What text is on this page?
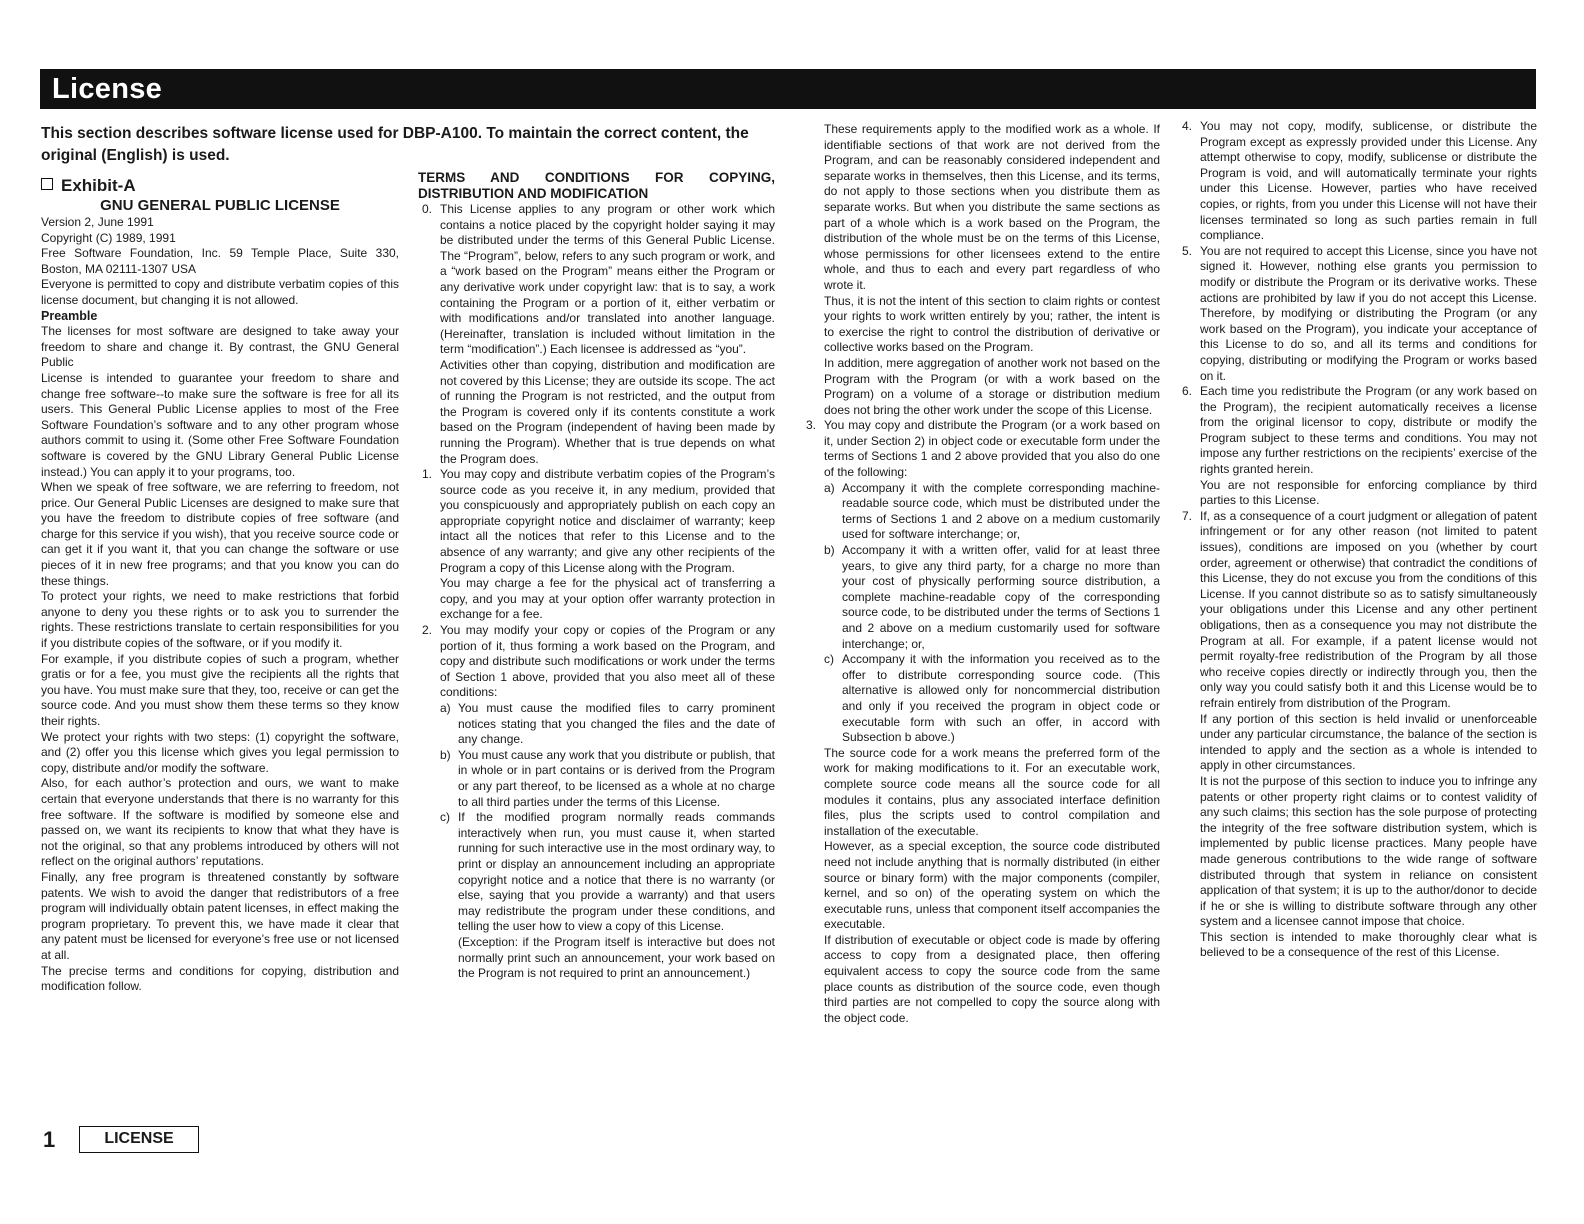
License

This section describes software license used for DBP-A100. To maintain the correct content, the original (English) is used.

Exhibit-A

GNU GENERAL PUBLIC LICENSE

Version 2, June 1991

Copyright (C) 1989, 1991

Free Software Foundation, Inc. 59 Temple Place, Suite 330, Boston, MA 02111-1307 USA

Everyone is permitted to copy and distribute verbatim copies of this license document, but changing it is not allowed.

Preamble

The licenses for most software are designed to take away your freedom to share and change it. By contrast, the GNU General Public

License is intended to guarantee your freedom to share and change free software--to make sure the software is free for all its users. This General Public License applies to most of the Free Software Foundation’s software and to any other program whose authors commit to using it. (Some other Free Software Foundation software is covered by the GNU Library General Public License instead.) You can apply it to your programs, too.

When we speak of free software, we are referring to freedom, not price. Our General Public Licenses are designed to make sure that you have the freedom to distribute copies of free software (and charge for this service if you wish), that you receive source code or can get it if you want it, that you can change the software or use pieces of it in new free programs; and that you know you can do these things.

To protect your rights, we need to make restrictions that forbid anyone to deny you these rights or to ask you to surrender the rights. These restrictions translate to certain responsibilities for you if you distribute copies of the software, or if you modify it.

For example, if you distribute copies of such a program, whether gratis or for a fee, you must give the recipients all the rights that you have. You must make sure that they, too, receive or can get the source code. And you must show them these terms so they know their rights.

We protect your rights with two steps: (1) copyright the software, and (2) offer you this license which gives you legal permission to copy, distribute and/or modify the software.

Also, for each author’s protection and ours, we want to make certain that everyone understands that there is no warranty for this free software. If the software is modified by someone else and passed on, we want its recipients to know that what they have is not the original, so that any problems introduced by others will not reflect on the original authors’ reputations.

Finally, any free program is threatened constantly by software patents. We wish to avoid the danger that redistributors of a free program will individually obtain patent licenses, in effect making the program proprietary. To prevent this, we have made it clear that any patent must be licensed for everyone’s free use or not licensed at all.

The precise terms and conditions for copying, distribution and modification follow.

TERMS AND CONDITIONS FOR COPYING, DISTRIBUTION AND MODIFICATION

0. This License applies to any program or other work which contains a notice placed by the copyright holder saying it may be distributed under the terms of this General Public License. The “Program”, below, refers to any such program or work, and a “work based on the Program” means either the Program or any derivative work under copyright law: that is to say, a work containing the Program or a portion of it, either verbatim or with modifications and/or translated into another language. (Hereinafter, translation is included without limitation in the term “modification”.) Each licensee is addressed as “you”.

Activities other than copying, distribution and modification are not covered by this License; they are outside its scope. The act of running the Program is not restricted, and the output from the Program is covered only if its contents constitute a work based on the Program (independent of having been made by running the Program). Whether that is true depends on what the Program does.

1. You may copy and distribute verbatim copies of the Program’s source code as you receive it, in any medium, provided that you conspicuously and appropriately publish on each copy an appropriate copyright notice and disclaimer of warranty; keep intact all the notices that refer to this License and to the absence of any warranty; and give any other recipients of the Program a copy of this License along with the Program.

You may charge a fee for the physical act of transferring a copy, and you may at your option offer warranty protection in exchange for a fee.

2. You may modify your copy or copies of the Program or any portion of it, thus forming a work based on the Program, and copy and distribute such modifications or work under the terms of Section 1 above, provided that you also meet all of these conditions:

a) You must cause the modified files to carry prominent notices stating that you changed the files and the date of any change.

b) You must cause any work that you distribute or publish, that in whole or in part contains or is derived from the Program or any part thereof, to be licensed as a whole at no charge to all third parties under the terms of this License.

c) If the modified program normally reads commands interactively when run, you must cause it, when started running for such interactive use in the most ordinary way, to print or display an announcement including an appropriate copyright notice and a notice that there is no warranty (or else, saying that you provide a warranty) and that users may redistribute the program under these conditions, and telling the user how to view a copy of this License.

(Exception: if the Program itself is interactive but does not normally print such an announcement, your work based on the Program is not required to print an announcement.)

These requirements apply to the modified work as a whole. If identifiable sections of that work are not derived from the Program, and can be reasonably considered independent and separate works in themselves, then this License, and its terms, do not apply to those sections when you distribute them as separate works. But when you distribute the same sections as part of a whole which is a work based on the Program, the distribution of the whole must be on the terms of this License, whose permissions for other licensees extend to the entire whole, and thus to each and every part regardless of who wrote it.

Thus, it is not the intent of this section to claim rights or contest your rights to work written entirely by you; rather, the intent is to exercise the right to control the distribution of derivative or collective works based on the Program.

In addition, mere aggregation of another work not based on the Program with the Program (or with a work based on the Program) on a volume of a storage or distribution medium does not bring the other work under the scope of this License.

3. You may copy and distribute the Program (or a work based on it, under Section 2) in object code or executable form under the terms of Sections 1 and 2 above provided that you also do one of the following:

a) Accompany it with the complete corresponding machine-readable source code, which must be distributed under the terms of Sections 1 and 2 above on a medium customarily used for software interchange; or,

b) Accompany it with a written offer, valid for at least three years, to give any third party, for a charge no more than your cost of physically performing source distribution, a complete machine-readable copy of the corresponding source code, to be distributed under the terms of Sections 1 and 2 above on a medium customarily used for software interchange; or,

c) Accompany it with the information you received as to the offer to distribute corresponding source code. (This alternative is allowed only for noncommercial distribution and only if you received the program in object code or executable form with such an offer, in accord with Subsection b above.)

The source code for a work means the preferred form of the work for making modifications to it. For an executable work, complete source code means all the source code for all modules it contains, plus any associated interface definition files, plus the scripts used to control compilation and installation of the executable.

However, as a special exception, the source code distributed need not include anything that is normally distributed (in either source or binary form) with the major components (compiler, kernel, and so on) of the operating system on which the executable runs, unless that component itself accompanies the executable.

If distribution of executable or object code is made by offering access to copy from a designated place, then offering equivalent access to copy the source code from the same place counts as distribution of the source code, even though third parties are not compelled to copy the source along with the object code.

4. You may not copy, modify, sublicense, or distribute the Program except as expressly provided under this License. Any attempt otherwise to copy, modify, sublicense or distribute the Program is void, and will automatically terminate your rights under this License. However, parties who have received copies, or rights, from you under this License will not have their licenses terminated so long as such parties remain in full compliance.

5. You are not required to accept this License, since you have not signed it. However, nothing else grants you permission to modify or distribute the Program or its derivative works. These actions are prohibited by law if you do not accept this License. Therefore, by modifying or distributing the Program (or any work based on the Program), you indicate your acceptance of this License to do so, and all its terms and conditions for copying, distributing or modifying the Program or works based on it.

6. Each time you redistribute the Program (or any work based on the Program), the recipient automatically receives a license from the original licensor to copy, distribute or modify the Program subject to these terms and conditions. You may not impose any further restrictions on the recipients’ exercise of the rights granted herein.

You are not responsible for enforcing compliance by third parties to this License.

7. If, as a consequence of a court judgment or allegation of patent infringement or for any other reason (not limited to patent issues), conditions are imposed on you (whether by court order, agreement or otherwise) that contradict the conditions of this License, they do not excuse you from the conditions of this License. If you cannot distribute so as to satisfy simultaneously your obligations under this License and any other pertinent obligations, then as a consequence you may not distribute the Program at all. For example, if a patent license would not permit royalty-free redistribution of the Program by all those who receive copies directly or indirectly through you, then the only way you could satisfy both it and this License would be to refrain entirely from distribution of the Program.

If any portion of this section is held invalid or unenforceable under any particular circumstance, the balance of the section is intended to apply and the section as a whole is intended to apply in other circumstances.

It is not the purpose of this section to induce you to infringe any patents or other property right claims or to contest validity of any such claims; this section has the sole purpose of protecting the integrity of the free software distribution system, which is implemented by public license practices. Many people have made generous contributions to the wide range of software distributed through that system in reliance on consistent application of that system; it is up to the author/donor to decide if he or she is willing to distribute software through any other system and a licensee cannot impose that choice.

This section is intended to make thoroughly clear what is believed to be a consequence of the rest of this License.

1	LICENSE
